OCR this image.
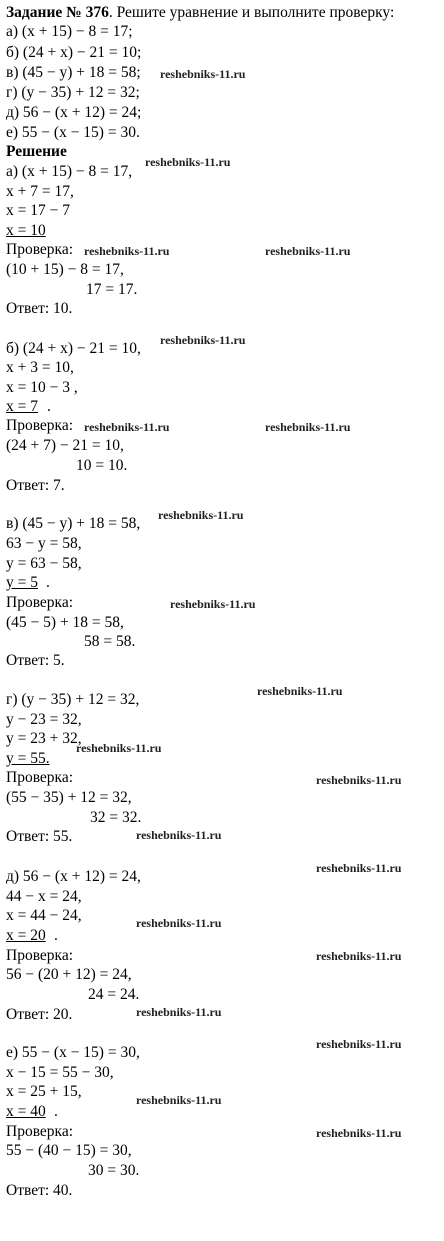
Задание № 376. Решите уравнение и выполните проверку:
а) (x + 15) − 8 = 17;
б) (24 + x) − 21 = 10;
в) (45 − y) + 18 = 58;
г) (y − 35) + 12 = 32;
д) 56 − (x + 12) = 24;
е) 55 − (x − 15) = 30.
Решение
а) (x + 15) − 8 = 17,
x + 7 = 17,
x = 17 − 7
x = 10
Проверка:
(10 + 15) − 8 = 17,
17 = 17.
Ответ: 10.
б) (24 + x) − 21 = 10,
x + 3 = 10,
x = 10 − 3 ,
x = 7 .
Проверка:
(24 + 7) − 21 = 10,
10 = 10.
Ответ: 7.
в) (45 − y) + 18 = 58,
63 − y = 58,
y = 63 − 58,
y = 5 .
Проверка:
(45 − 5) + 18 = 58,
58 = 58.
Ответ: 5.
г) (y − 35) + 12 = 32,
y − 23 = 32,
y = 23 + 32,
y = 55.
Проверка:
(55 − 35) + 12 = 32,
32 = 32.
Ответ: 55.
д) 56 − (x + 12) = 24,
44 − x = 24,
x = 44 − 24,
x = 20 .
Проверка:
56 − (20 + 12) = 24,
24 = 24.
Ответ: 20.
е) 55 − (x − 15) = 30,
x − 15 = 55 − 30,
x = 25 + 15,
x = 40 .
Проверка:
55 − (40 − 15) = 30,
30 = 30.
Ответ: 40.
reshebniks-11.ru
reshebniks-11.ru
reshebniks-11.ru	reshebniks-11.ru
reshebniks-11.ru
reshebniks-11.ru	reshebniks-11.ru
reshebniks-11.ru
reshebniks-11.ru
reshebniks-11.ru
reshebniks-11.ru
reshebniks-11.ru
reshebniks-11.ru
reshebniks-11.ru
reshebniks-11.ru
reshebniks-11.ru
reshebniks-11.ru
reshebniks-11.ru
reshebniks-11.ru
reshebniks-11.ru
